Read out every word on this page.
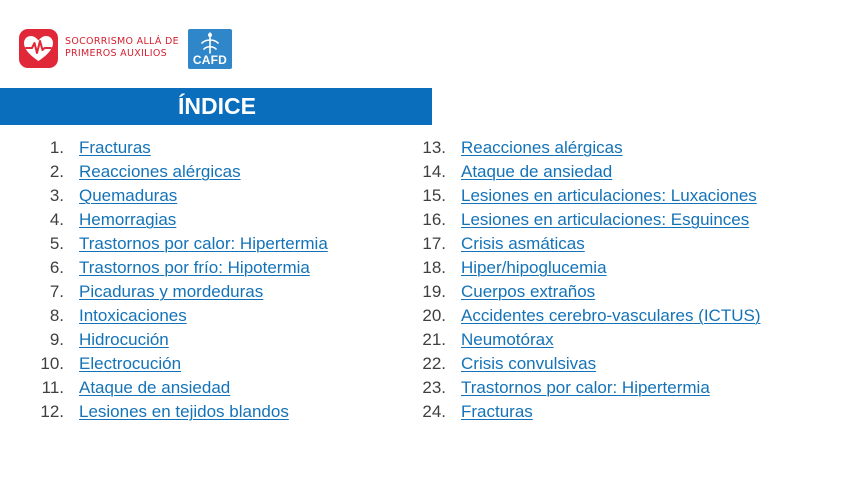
SOCORRISMO ALLÁ DE
PRIMEROS AUXILIOS	CAFD
ÍNDICE
1. Fracturas
2. Reacciones alérgicas
3. Quemaduras
4. Hemorragias
5. Trastornos por calor: Hipertermia
6. Trastornos por frío: Hipotermia
7. Picaduras y mordeduras
8. Intoxicaciones
9. Hidrocución
10. Electrocución
11. Ataque de ansiedad
12. Lesiones en tejidos blandos
13. Reacciones alérgicas
14. Ataque de ansiedad
15. Lesiones en articulaciones: Luxaciones
16. Lesiones en articulaciones: Esguinces
17. Crisis asmáticas
18. Hiper/hipoglucemia
19. Cuerpos extraños
20. Accidentes cerebro-vasculares (ICTUS)
21. Neumotórax
22. Crisis convulsivas
23. Trastornos por calor: Hipertermia
24. Fracturas
